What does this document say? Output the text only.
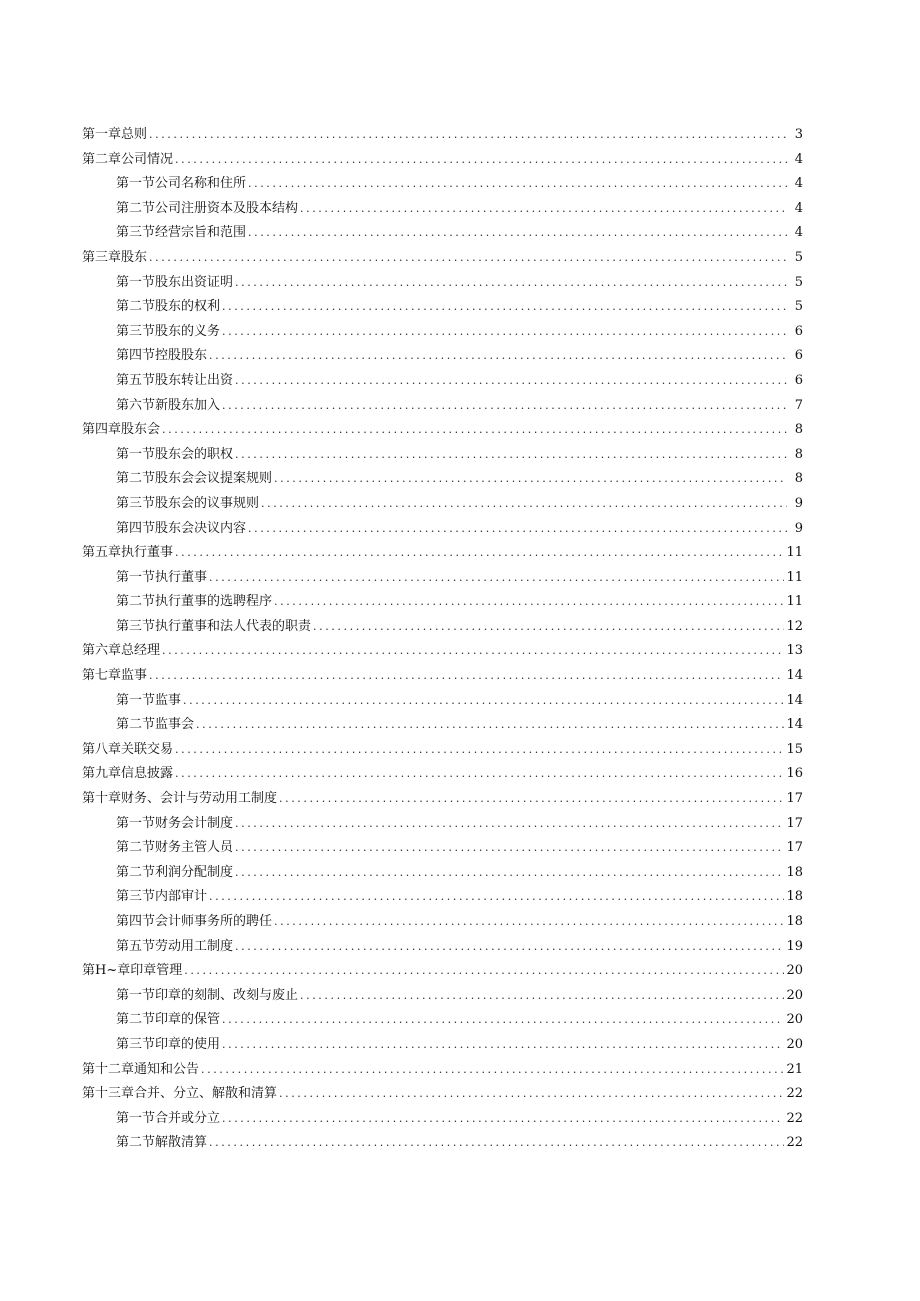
第一章总则 .....	3
第二章公司情况 .....	4
第一节公司名称和住所 .....	4
第二节公司注册资本及股本结构 .....	4
第三节经营宗旨和范围 .....	4
第三章股东 .....	5
第一节股东出资证明 .....	5
第二节股东的权利 .....	5
第三节股东的义务 .....	6
第四节控股股东 .....	6
第五节股东转让出资 .....	6
第六节新股东加入 .....	7
第四章股东会 .....	8
第一节股东会的职权 .....	8
第二节股东会会议提案规则 .....	8
第三节股东会的议事规则 .....	9
第四节股东会决议内容 .....	9
第五章执行董事 .....	11
第一节执行董事 .....	11
第二节执行董事的选聘程序 .....	11
第三节执行董事和法人代表的职责 .....	12
第六章总经理 .....	13
第七章监事 .....	14
第一节监事 .....	14
第二节监事会 .....	14
第八章关联交易 .....	15
第九章信息披露 .....	16
第十章财务、会计与劳动用工制度 .....	17
第一节财务会计制度 .....	17
第二节财务主管人员 .....	17
第二节利润分配制度 .....	18
第三节内部审计 .....	18
第四节会计师事务所的聘任 .....	18
第五节劳动用工制度 .....	19
第H~章印章管理 .....	20
第一节印章的刻制、改刻与废止 .....	20
第二节印章的保管 .....	20
第三节印章的使用 .....	20
第十二章通知和公告 .....	21
第十三章合并、分立、解散和清算 .....	22
第一节合并或分立 .....	22
第二节解散清算 .....	22
